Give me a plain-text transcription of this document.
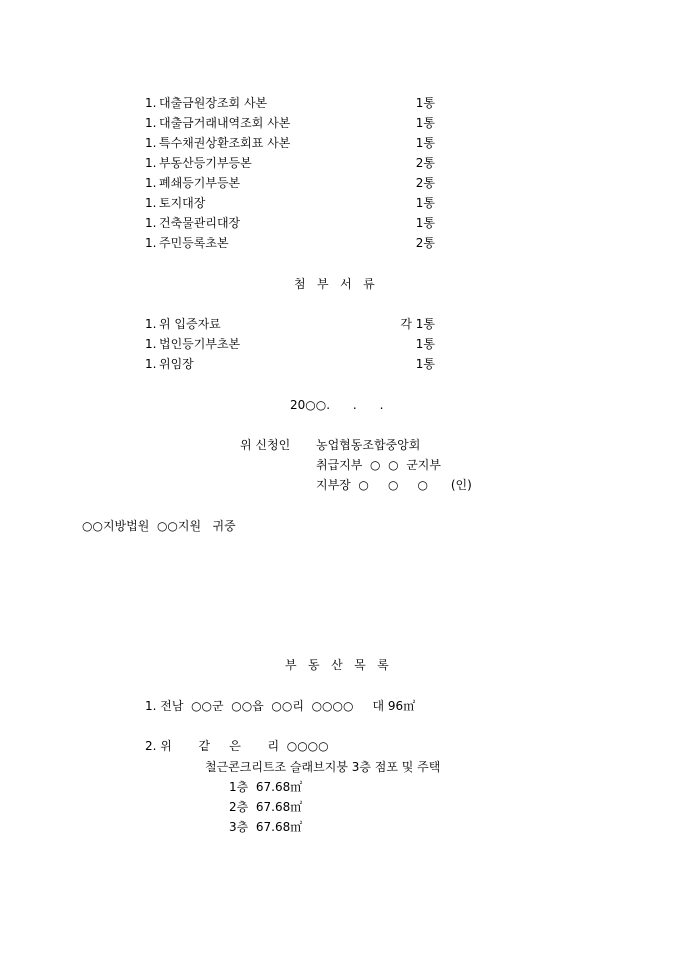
1. 대출금원장조회 사본	1통
1. 대출금거래내역조회 사본	1통
1. 특수채권상환조회표 사본	1통
1. 부동산등기부등본	2통
1. 폐쇄등기부등본	2통
1. 토지대장	1통
1. 건축물관리대장	1통
1. 주민등록초본	2통
첨   부   서   류
1. 위 입증자료	각 1통
1. 법인등기부초본	1통
1. 위임장	1통
20○○.      .      .
위 신청인 농업협동조합중앙회
취급지부  ○  ○  군지부
지부장  ○     ○     ○      (인)
○○지방법원  ○○지원   귀중
부   동   산   목   록
1. 전남  ○○군  ○○읍  ○○리  ○○○○     대 96㎡
2. 위       같     은       리  ○○○○
철근콘크리트조 슬래브지붕 3층 점포 및 주택
1층  67.68㎡
2층  67.68㎡
3층  67.68㎡
